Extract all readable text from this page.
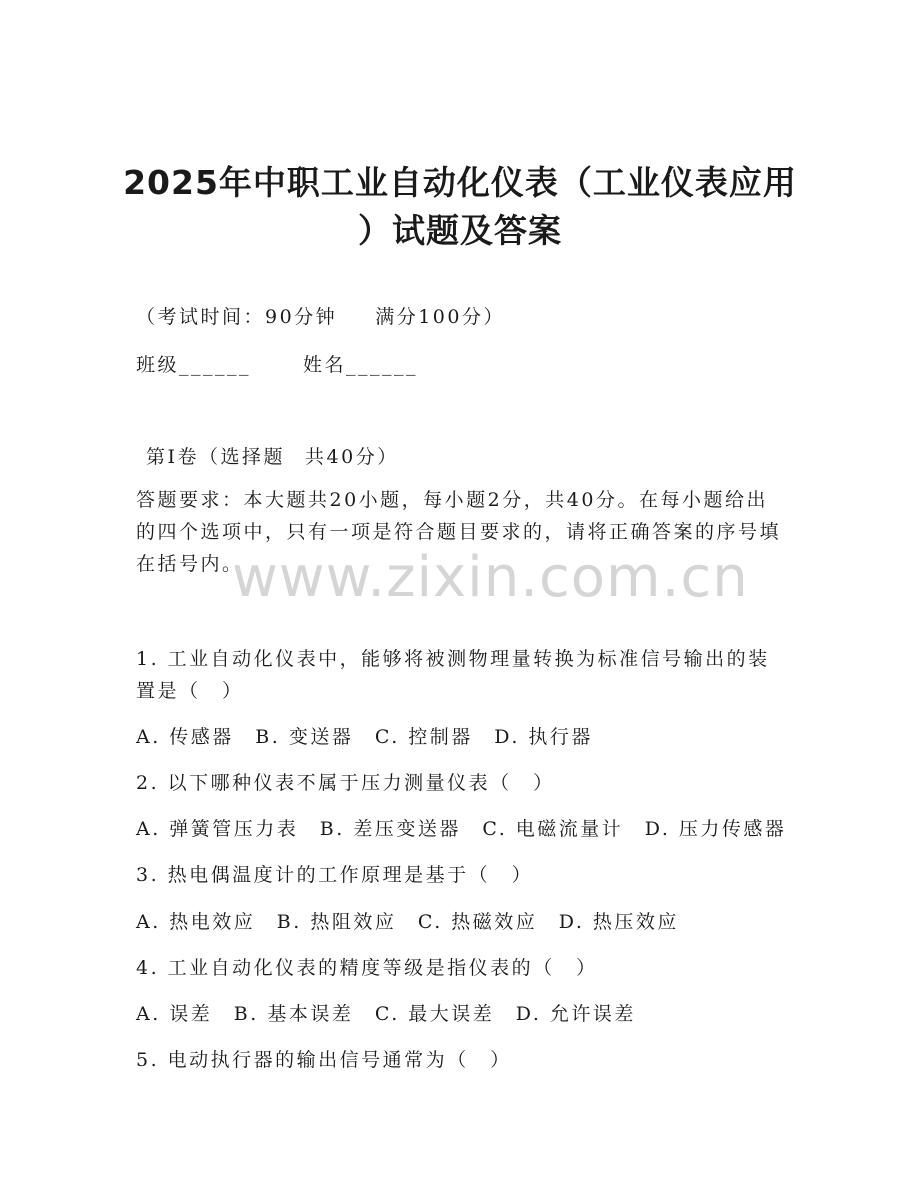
2025年中职工业自动化仪表（工业仪表应用
）试题及答案

（考试时间：90分钟 满分100分）

班级______	姓名______

第Ⅰ卷（选择题 共40分）

答题要求：本大题共20小题，每小题2分，共40分。在每小题给出的四个选项中，只有一项是符合题目要求的，请将正确答案的序号填在括号内。

www.zixin.com.cn

1. 工业自动化仪表中，能够将被测物理量转换为标准信号输出的装置是（　）

A. 传感器　B. 变送器　C. 控制器　D. 执行器

2. 以下哪种仪表不属于压力测量仪表（　）

A. 弹簧管压力表　B. 差压变送器　C. 电磁流量计　D. 压力传感器

3. 热电偶温度计的工作原理是基于（　）

A. 热电效应　B. 热阻效应　C. 热磁效应　D. 热压效应

4. 工业自动化仪表的精度等级是指仪表的（　）

A. 误差　B. 基本误差　C. 最大误差　D. 允许误差

5. 电动执行器的输出信号通常为（　）
